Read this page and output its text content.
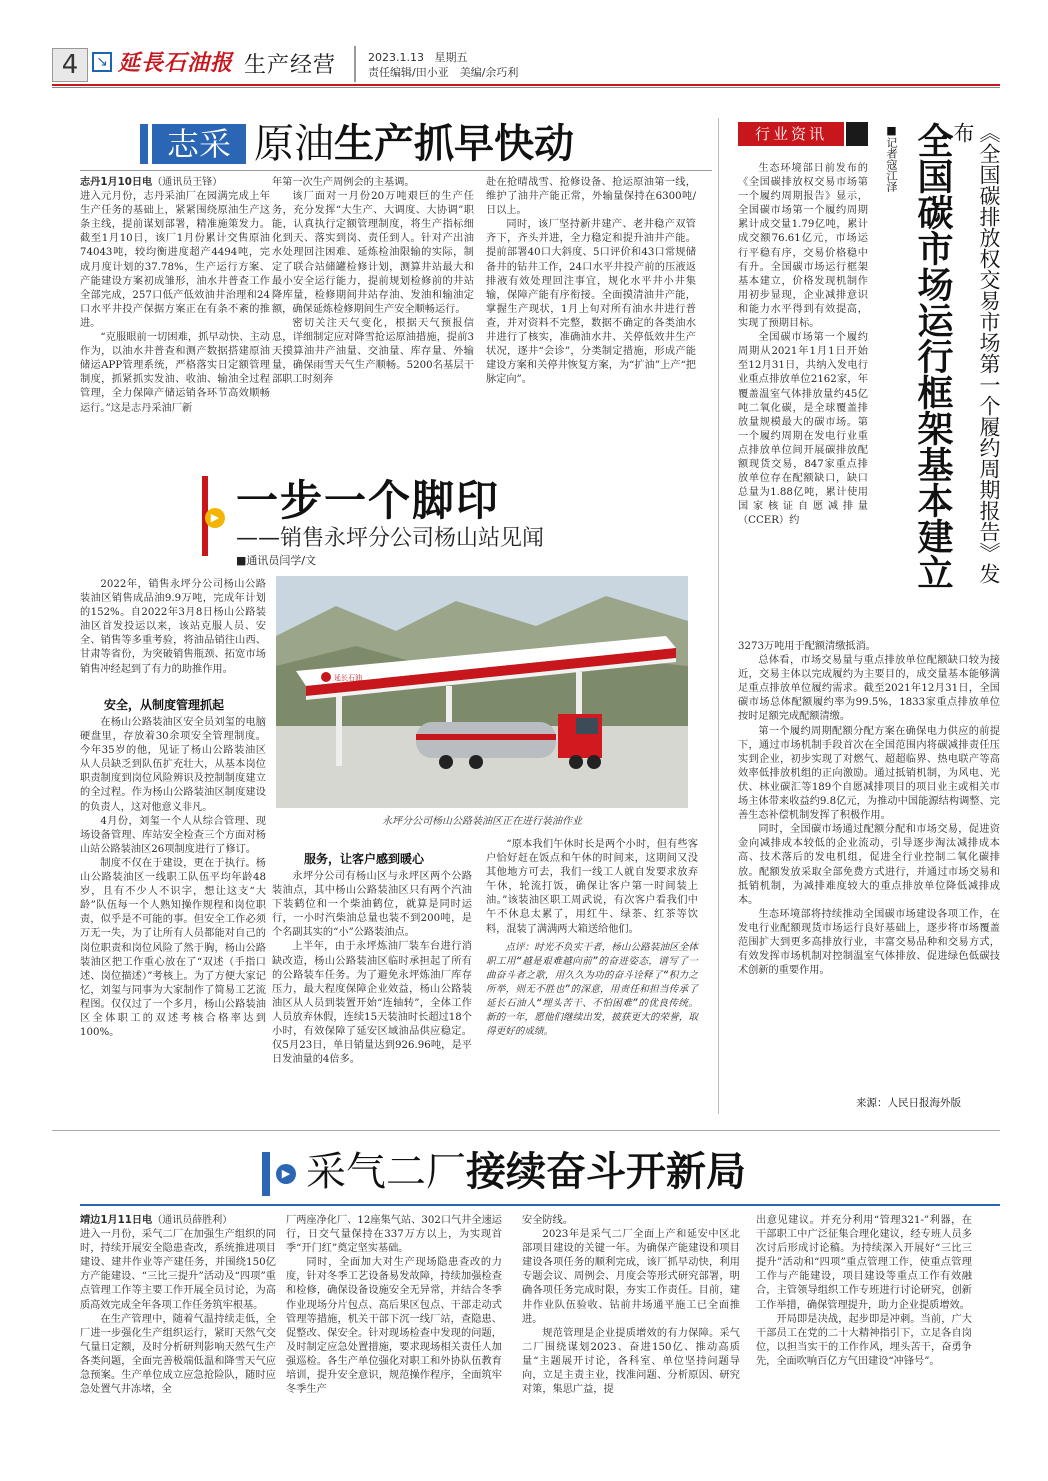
4	↘ 延長石油报 生产经营	2023.1.13 星期五
责任编辑/田小亚　美编/余巧利
志采 原油生产抓早快动

志丹1月10日电（通讯员王锋）

进入元月份，志丹采油厂在园满完成上年生产任务的基础上，紧紧围绕原油生产这条主线，提前谋划部署，精准施策发力。截至1月10日，该厂1月份累计交售原油74043吨，较均衡进度超产4494吨，完成月度计划的37.78%，生产运行方案、产能建设方案初成雏形，油水井普查工作全部完成，257口低产低效油井治理和24口水平井投产保据方案正在有条不紊的推进。

“克服眼前一切困难，抓早动快、主动作为，以油水井普查和测产数据搭建原油储运APP管理系统，严格落实日定额管理制度，抓紧抓实发油、收油、输油全过程管理，全力保障产储运销各环节高效顺畅运行。”这是志丹采油厂新

年第一次生产周例会的主基调。

该厂面对一月份20万吨艰巨的生产任务，充分发挥“大生产、大调度、大协调”职能，认真执行定额管理制度，将生产指标细化到天、落实到岗、责任到人。针对产出油水处理回注困难、延炼检油限输的实际，制定了联合站储罐检修计划，测算井站最大和最小安全运行能力，提前规划检修前的井站降库量，检修期间井站存油、发油和输油定额，确保延炼检修期间生产安全顺畅运行。

密切关注天气变化，根据天气预报信息，详细制定应对降雪抢运原油措施，提前3天摸算油井产油量、交油量、库存量、外输量，确保雨雪天气生产顺畅。5200名基层干部职工时刻奔

赴在抢晴战雪、抢修设备、抢运原油第一线，维护了油井产能正常，外输量保持在6300吨/日以上。

同时，该厂坚持新井建产、老井稳产双管齐下，齐头并进，全力稳定和提升油井产能。提前部署40口大斜度、5口评价和43口常规储备井的钻井工作，24口水平井投产前的压液返排液有效处理回注事宜，规化水平井小井集输，保障产能有序衔接。全面摸清油井产能，掌握生产现状，1月上旬对所有油水井进行普查，并对资料不完整，数据不确定的各类油水井进行了核实，准确油水井、关停低效井生产状况，逐井“会诊”，分类制定措施，形成产能建设方案和关停井恢复方案，为“扩油”上产“把脉定向”。

▶ 一步一个脚印
——销售永坪分公司杨山站见闻
■通讯员闫学/文

2022年，销售永坪分公司杨山公路装油区销售成品油9.9万吨，完成年计划的152%。自2022年3月8日杨山公路装油区首发投运以来，该站克服人员、安全、销售等多重考验，将油品销往山西、甘肃等省份，为突破销售瓶颈、拓宽市场销售冲经起到了有力的助推作用。

安全，从制度管理抓起

在杨山公路装油区安全员刘玺的电脑硬盘里，存放着30余项安全管理制度。今年35岁的他，见证了杨山公路装油区从人员缺乏到队伍扩充壮大，从基本岗位职责制度到岗位风险辨识及控制制度建立的全过程。作为杨山公路装油区制度建设的负责人，这对他意义非凡。

4月份，刘玺一个人从综合管理、现场设备管理、库站安全检查三个方面对杨山站公路装油区26项制度进行了修订。

制度不仅在于建设，更在于执行。杨山公路装油区一线职工队伍平均年龄48岁，且有不少人不识字，想让这支“大龄”队伍每一个人熟知操作规程和岗位职责，似乎是不可能的事。但安全工作必须万无一失，为了让所有人员都能对自己的岗位职责和岗位风险了然于胸，杨山公路装油区把工作重心放在了“双述（手指口述、岗位描述）”考核上。为了方便大家记忆，刘玺与同事为大家制作了简易工艺流程图。仅仅过了一个多月，杨山公路装油区全体职工的双述考核合格率达到100%。

延长石油
永坪分公司杨山公路装油区正在进行装油作业
服务，让客户感到暖心

永坪分公司有杨山区与永坪区两个公路装油点，其中杨山公路装油区只有两个汽油下装鹤位和一个柴油鹤位，就算是同时运行，一小时汽柴油总量也装不到200吨，是个名副其实的“小”公路装油点。

上半年，由于永坪炼油厂装车台进行消缺改造，杨山公路装油区临时承担起了所有的公路装车任务。为了避免永坪炼油厂库存压力，最大程度保障企业效益，杨山公路装油区从人员到装置开始“连轴转”，全体工作人员放弃休假，连续15天装油时长超过18个小时，有效保障了延安区域油品供应稳定。仅5月23日，单日销量达到926.96吨，是平日发油量的4倍多。

“原本我们午休时长是两个小时，但有些客户恰好赶在饭点和午休的时间来，这期间又没其他地方可去，我们一线工人就自发要求放弃午休，轮流打饭，确保让客户第一时间装上油。”该装油区职工周武说，有次客户看我们中午不休息太累了，用红牛、绿茶、红茶等饮料，混装了满满两大箱送给他们。

点评：时光不负实干者，杨山公路装油区全体职工用“越是艰难越向前”的奋进姿态，谱写了一曲奋斗者之歌，用久久为功的奋斗诠释了“积力之所举，则无不胜也”的深意，用责任和担当传承了延长石油人“埋头苦干、不怕困难”的优良传统。新的一年，愿他们继续出发，披获更大的荣誉，取得更好的成绩。

行业资讯	全国碳市场运行框架基本建立	《全国碳排放权交易市场第一个履约周期报告》发布
■记者寇江泽

生态环境部日前发布的《全国碳排放权交易市场第一个履约周期报告》显示，全国碳市场第一个履约周期累计成交量1.79亿吨，累计成交额76.61亿元，市场运行平稳有序，交易价格稳中有升。全国碳市场运行框架基本建立，价格发现机制作用初步显现，企业减排意识和能力水平得到有效提高，实现了预期目标。

全国碳市场第一个履约周期从2021年1月1日开始至12月31日，共纳入发电行业重点排放单位2162家，年覆盖温室气体排放量约45亿吨二氧化碳，是全球覆盖排放量规模最大的碳市场。第一个履约周期在发电行业重点排放单位间开展碳排放配额现货交易，847家重点排放单位存在配额缺口，缺口总量为1.88亿吨，累计使用国家核证自愿减排量（CCER）约

3273万吨用于配额清缴抵消。

总体看，市场交易量与重点排放单位配额缺口较为接近，交易主体以完成履约为主要目的，成交量基本能够满足重点排放单位履约需求。截至2021年12月31日，全国碳市场总体配额履约率为99.5%，1833家重点排放单位按时足额完成配额清缴。

第一个履约周期配额分配方案在确保电力供应的前提下，通过市场机制手段首次在全国范围内将碳减排责任压实到企业，初步实现了对燃气、超超临界、热电联产等高效率低排放机组的正向激励。通过抵销机制，为风电、光伏、林业碳汇等189个自愿减排项目的项目业主或相关市场主体带来收益约9.8亿元，为推动中国能源结构调整、完善生态补偿机制发挥了积极作用。

同时，全国碳市场通过配额分配和市场交易，促进资金向减排成本较低的企业流动，引导逐步淘汰减排成本高、技术落后的发电机组，促进全行业控制二氧化碳排放。配额发放采取全部免费方式进行，并通过市场交易和抵销机制，为减排难度较大的重点排放单位降低减排成本。

生态环境部将持续推动全国碳市场建设各项工作，在发电行业配额现货市场运行良好基础上，逐步将市场覆盖范围扩大到更多高排放行业，丰富交易品种和交易方式，有效发挥市场机制对控制温室气体排放、促进绿色低碳技术创新的重要作用。

来源：人民日报海外版
▶ 采气二厂接续奋斗开新局

靖边1月11日电（通讯员薛胜利）

进入一月份，采气二厂在加强生产组织的同时，持续开展安全隐患查改，系统推进项目建设、建井作业等产建任务，并围绕150亿方产能建设、“三比三提升”活动及“四项”重点管理工作等主要工作开展全员讨论，为高质高效完成全年各项工作任务筑牢根基。

在生产管理中，随着气温持续走低，全厂进一步强化生产组织运行，紧盯天然气交气量日定额，及时分析研判影响天然气生产各类问题，全面完善极端低温和降雪天气应急预案。生产单位成立应急抢险队，随时应急处置气井冻堵，全

厂两座净化厂、12座集气站、302口气井全速运行，日交气量保持在337万方以上，为实现首季“开门红”奠定坚实基础。

同时，全面加大对生产现场隐患查改的力度，针对冬季工艺设备易发故障，持续加强检查和检修，确保设备设施安全无异常，并结合冬季作业现场分片包点、高后果区包点、干部走动式管理等措施，机关干部下沉一线厂站，查隐患、促整改、保安全。针对现场检查中发现的问题，及时制定应急处置措施，要求现场相关责任人加强巡检。各生产单位强化对职工和外协队伍教育培训，提升安全意识，规范操作程序，全面筑牢冬季生产

安全防线。

2023年是采气二厂全面上产和延安中区北部项目建设的关键一年。为确保产能建设和项目建设各项任务的顺利完成，该厂抓早动快，利用专题会议、周例会、月度会等形式研究部署，明确各项任务完成时限，夯实工作责任。目前，建井作业队伍验收、钻前井场通平施工已全面推进。

规范管理是企业提质增效的有力保障。采气二厂围绕谋划2023、奋进150亿、推动高质量“主题展开讨论，各科室、单位坚持问题导向，立足主责主业，找准问题、分析原因、研究对策，集思广益，提

出意见建议。并充分利用“管理321-”利器，在干部职工中广泛征集合理化建议，经专班人员多次讨后形成讨论稿。为持续深入开展好“三比三提升”活动和“四项”重点管理工作，使重点管理工作与产能建设，项目建设等重点工作有效融合，主管领导组织工作专班进行讨论研究，创新工作举措，确保管理提升，助力企业提质增效。

开局即是决战，起步即是冲刺。当前，广大干部员工在党的二十大精神指引下，立足各自岗位，以担当实干的工作作风，埋头苦干，奋勇争先，全面吹响百亿方气田建设“冲锋号”。
